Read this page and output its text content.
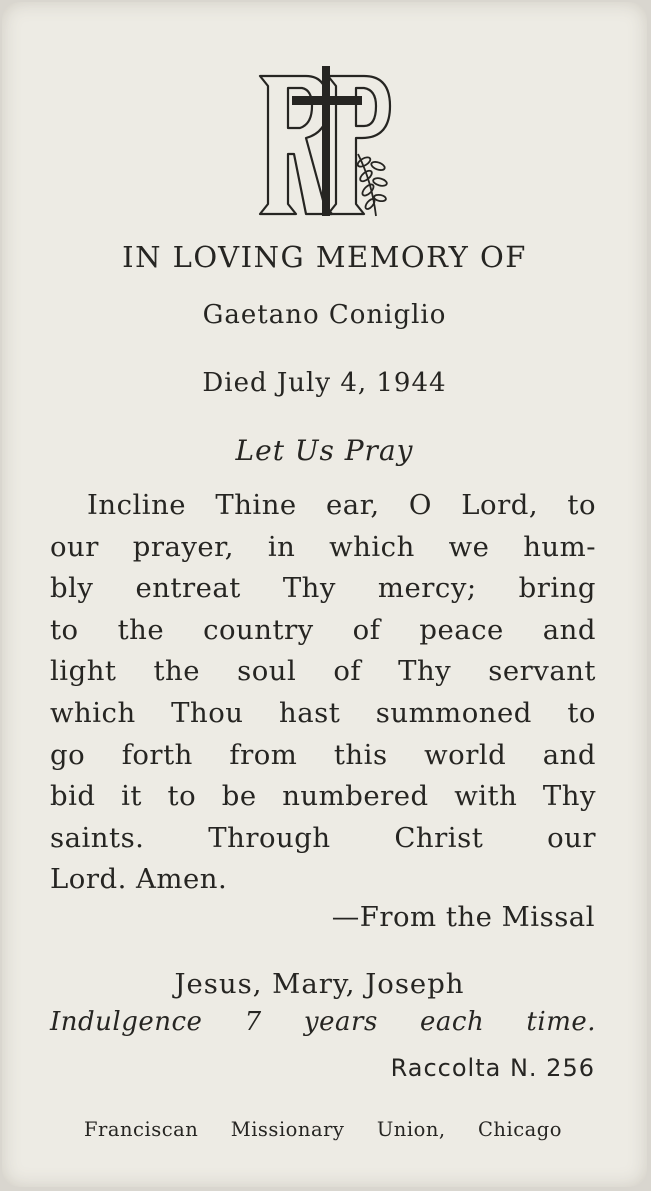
IN LOVING MEMORY OF
Gaetano Coniglio
Died July 4, 1944
Let Us Pray
Incline Thine ear, O Lord, to
our prayer, in which we hum-
bly entreat Thy mercy; bring
to the country of peace and
light the soul of Thy servant
which Thou hast summoned to
go forth from this world and
bid it to be numbered with Thy
saints. Through Christ our
Lord. Amen.
—From the Missal
Jesus, Mary, Joseph
Indulgence 7 years each time.
Raccolta N. 256
Franciscan Missionary Union, Chicago
